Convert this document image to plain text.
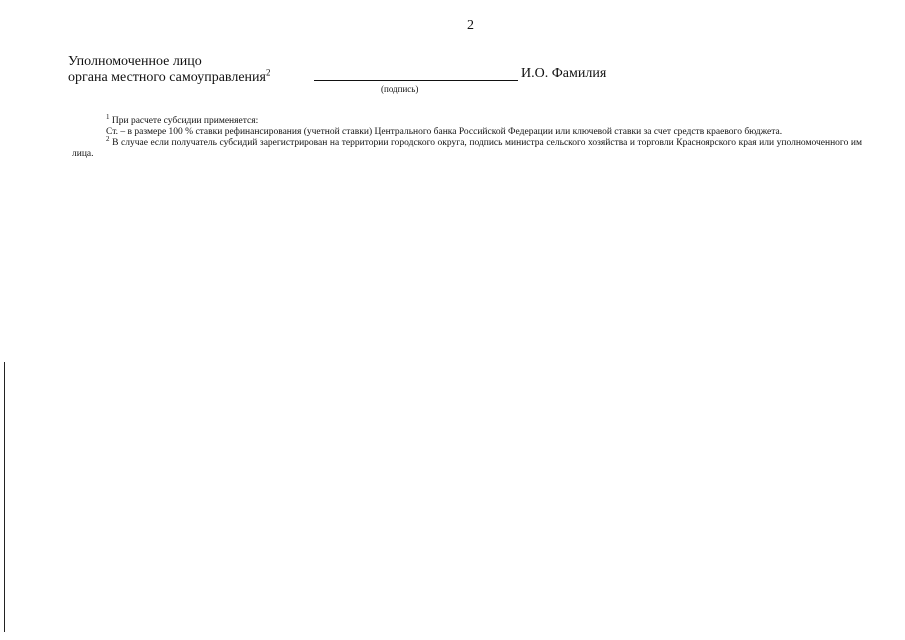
2
Уполномоченное лицо
органа местного самоуправления$^2$	И.О. Фамилия
(подпись)

$^1$ При расчете субсидии применяется:

Ст. – в размере 100 % ставки рефинансирования (учетной ставки) Центрального банка Российской Федерации или ключевой ставки за счет средств краевого бюджета.

$^2$ В случае если получатель субсидий зарегистрирован на территории городского округа, подпись министра сельского хозяйства и торговли Красноярского края или уполномоченного им лица.
